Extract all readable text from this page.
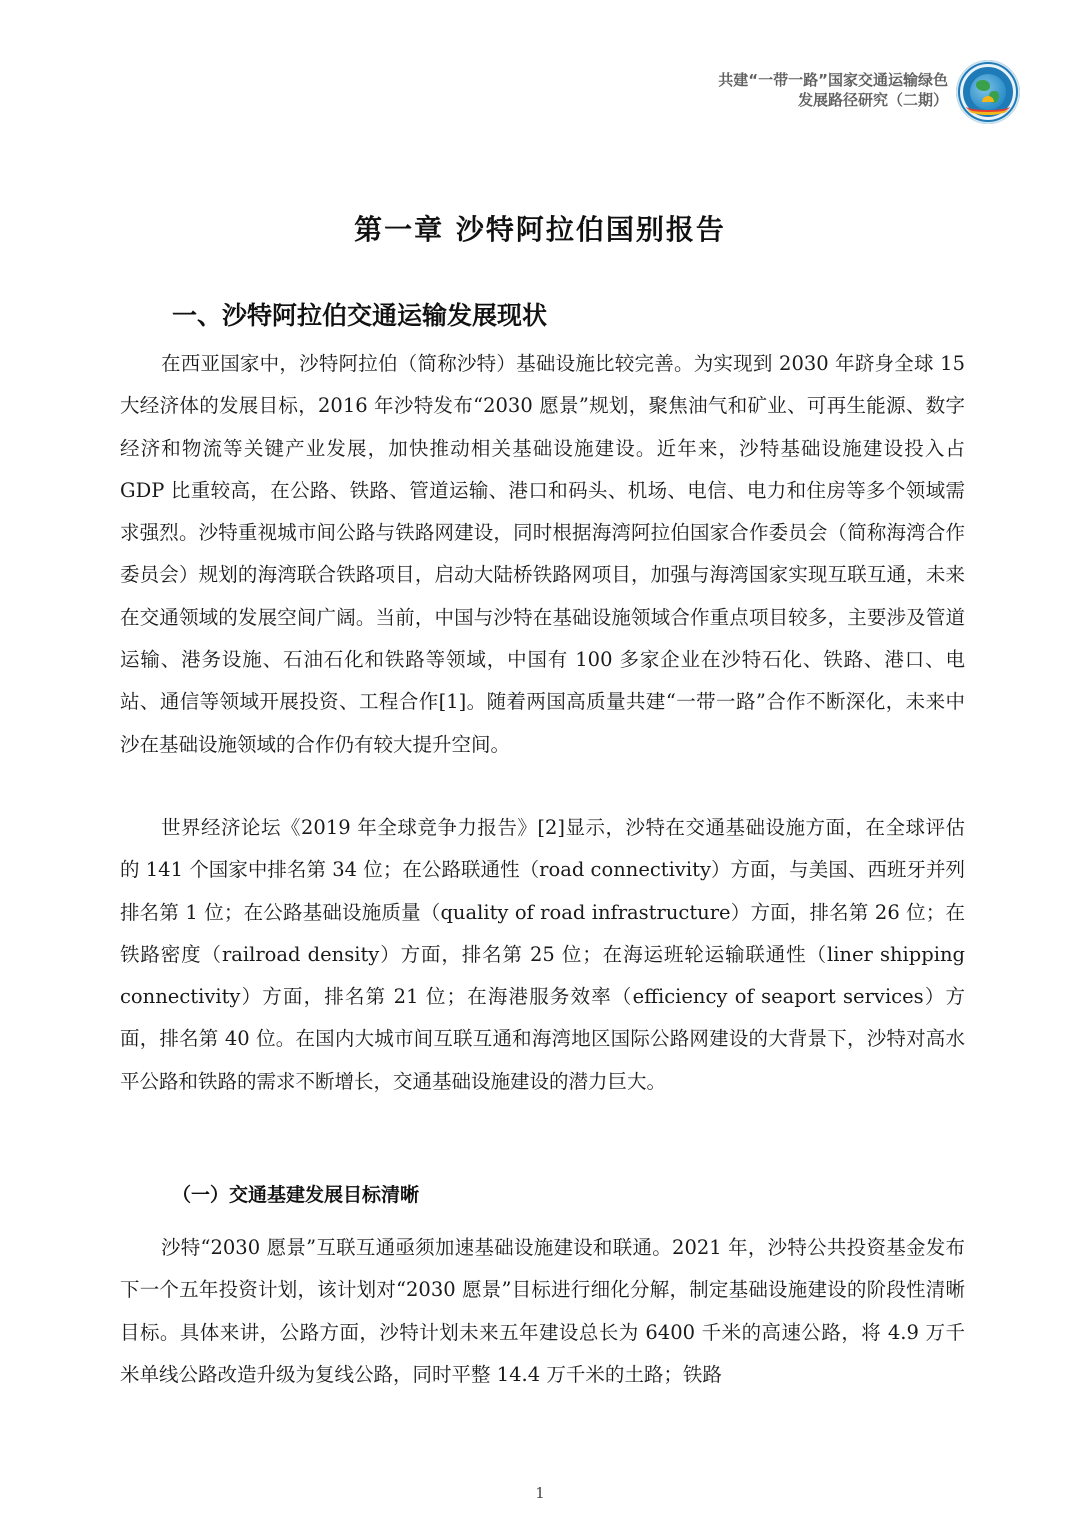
共建“一带一路”国家交通运输绿色
发展路径研究（二期）
第一章 沙特阿拉伯国别报告
一、沙特阿拉伯交通运输发展现状

在西亚国家中，沙特阿拉伯（简称沙特）基础设施比较完善。为实现到 2030 年跻身全球 15 大经济体的发展目标，2016 年沙特发布“2030 愿景”规划，聚焦油气和矿业、可再生能源、数字经济和物流等关键产业发展，加快推动相关基础设施建设。近年来，沙特基础设施建设投入占 GDP 比重较高，在公路、铁路、管道运输、港口和码头、机场、电信、电力和住房等多个领域需求强烈。沙特重视城市间公路与铁路网建设，同时根据海湾阿拉伯国家合作委员会（简称海湾合作委员会）规划的海湾联合铁路项目，启动大陆桥铁路网项目，加强与海湾国家实现互联互通，未来在交通领域的发展空间广阔。当前，中国与沙特在基础设施领域合作重点项目较多，主要涉及管道运输、港务设施、石油石化和铁路等领域，中国有 100 多家企业在沙特石化、铁路、港口、电站、通信等领域开展投资、工程合作[1]。随着两国高质量共建“一带一路”合作不断深化，未来中沙在基础设施领域的合作仍有较大提升空间。

世界经济论坛《2019 年全球竞争力报告》[2]显示，沙特在交通基础设施方面，在全球评估的 141 个国家中排名第 34 位；在公路联通性（road connectivity）方面，与美国、西班牙并列排名第 1 位；在公路基础设施质量（quality of road infrastructure）方面，排名第 26 位；在铁路密度（railroad density）方面，排名第 25 位；在海运班轮运输联通性（liner shipping connectivity）方面，排名第 21 位；在海港服务效率（efficiency of seaport services）方面，排名第 40 位。在国内大城市间互联互通和海湾地区国际公路网建设的大背景下，沙特对高水平公路和铁路的需求不断增长，交通基础设施建设的潜力巨大。

（一）交通基建发展目标清晰

沙特“2030 愿景”互联互通亟须加速基础设施建设和联通。2021 年，沙特公共投资基金发布下一个五年投资计划，该计划对“2030 愿景”目标进行细化分解，制定基础设施建设的阶段性清晰目标。具体来讲，公路方面，沙特计划未来五年建设总长为 6400 千米的高速公路，将 4.9 万千米单线公路改造升级为复线公路，同时平整 14.4 万千米的土路；铁路

1
